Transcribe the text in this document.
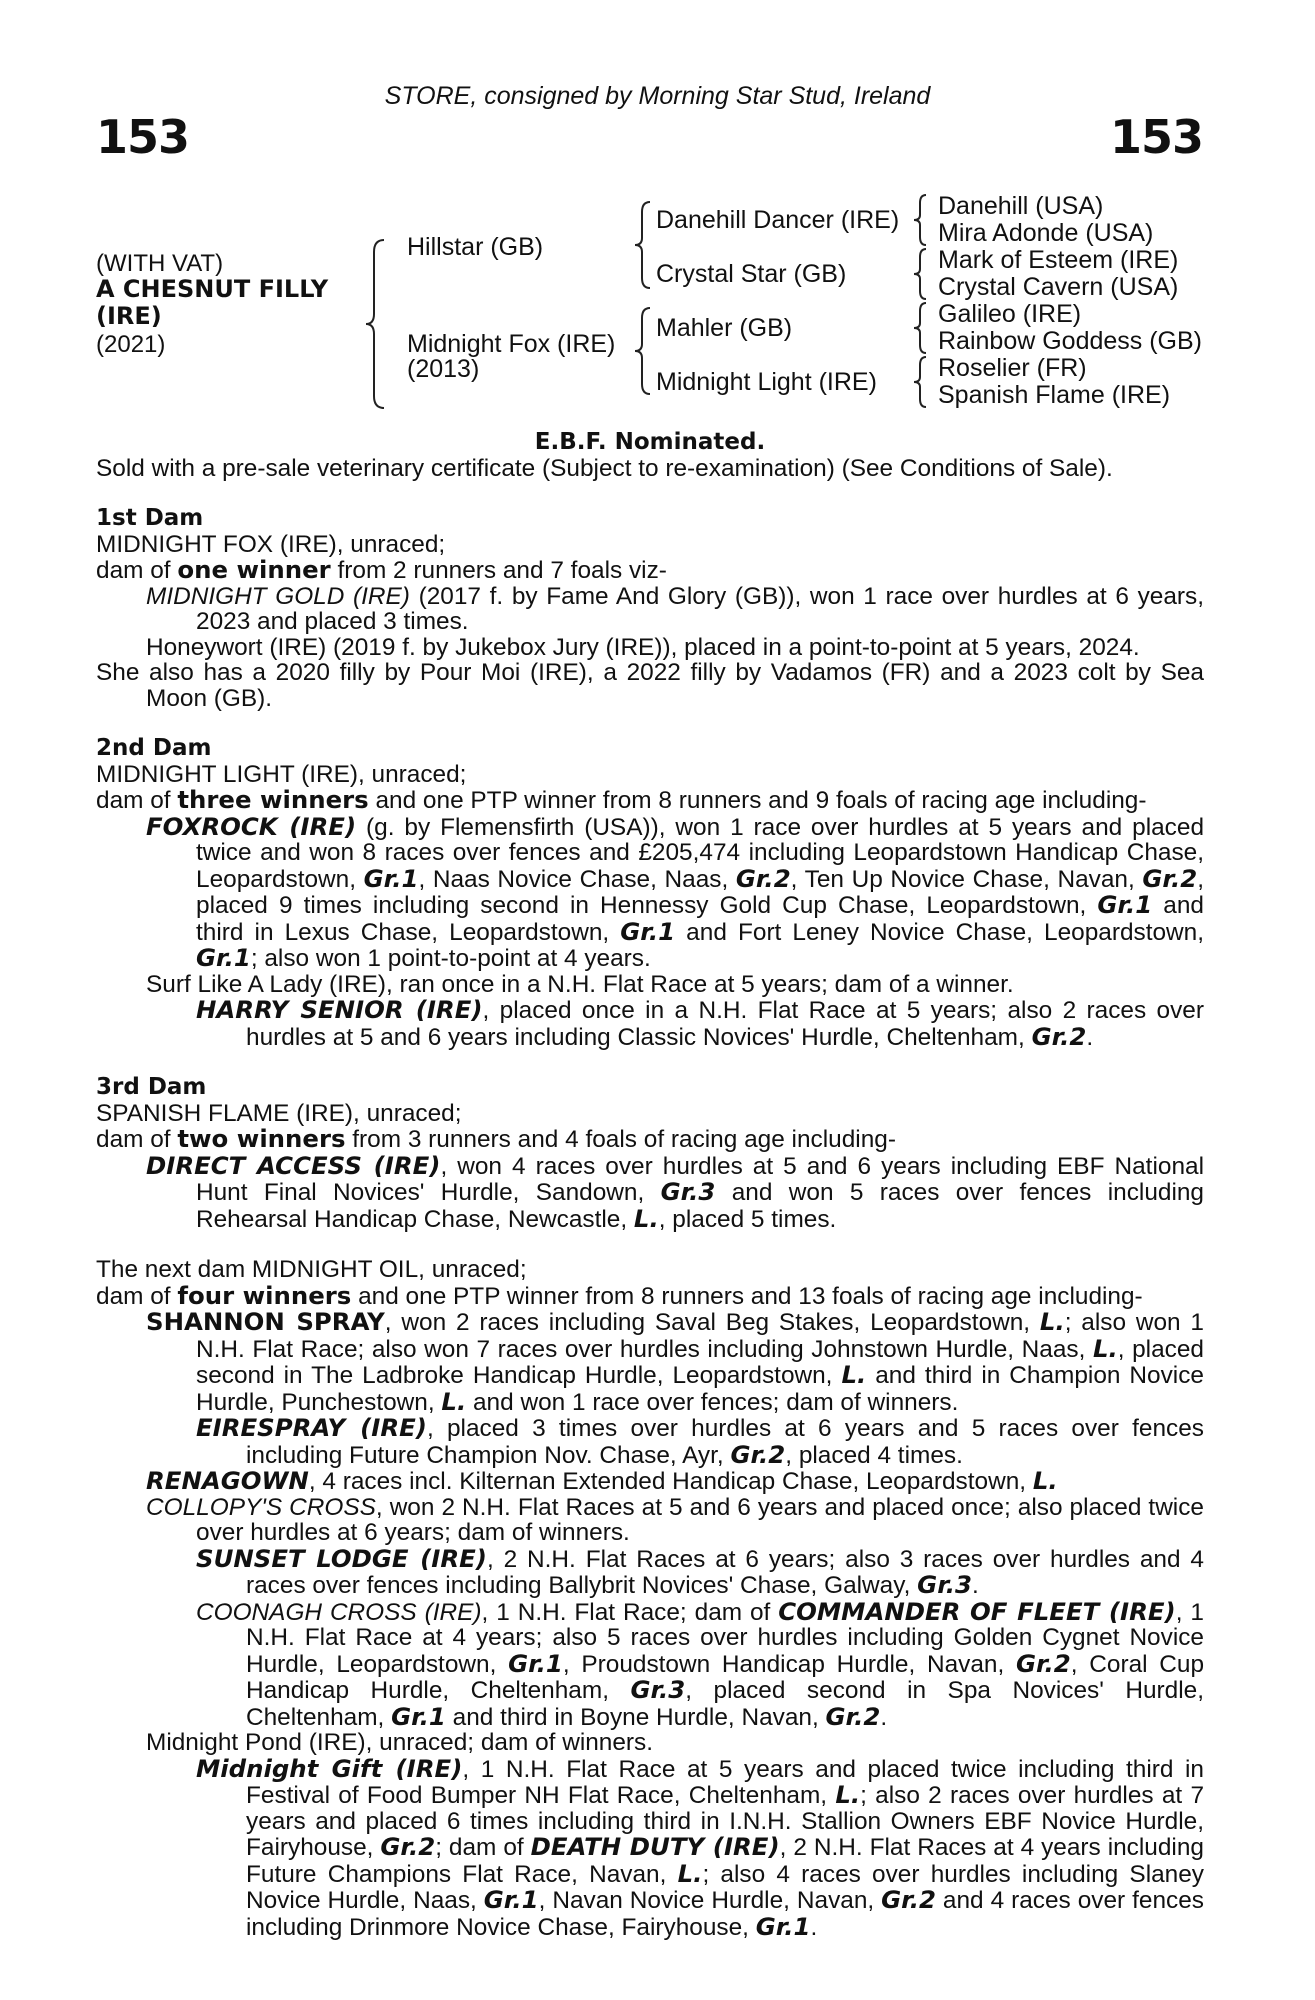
153
STORE, consigned by Morning Star Stud, Ireland
153
(WITH VAT)
A CHESNUT FILLY
(IRE)
(2021)
Hillstar (GB)
Midnight Fox (IRE)
(2013)
Danehill Dancer (IRE)
Crystal Star (GB)
Mahler (GB)
Midnight Light (IRE)
Danehill (USA)
Mira Adonde (USA)
Mark of Esteem (IRE)
Crystal Cavern (USA)
Galileo (IRE)
Rainbow Goddess (GB)
Roselier (FR)
Spanish Flame (IRE)

E.B.F. Nominated.

Sold with a pre-sale veterinary certificate (Subject to re-examination) (See Conditions of Sale).

1st Dam

MIDNIGHT FOX (IRE), unraced;

dam of one winner from 2 runners and 7 foals viz-

MIDNIGHT GOLD (IRE) (2017 f. by Fame And Glory (GB)), won 1 race over hurdles at 6 years, 2023 and placed 3 times.

Honeywort (IRE) (2019 f. by Jukebox Jury (IRE)), placed in a point-to-point at 5 years, 2024.

She also has a 2020 filly by Pour Moi (IRE), a 2022 filly by Vadamos (FR) and a 2023 colt by Sea Moon (GB).

2nd Dam

MIDNIGHT LIGHT (IRE), unraced;

dam of three winners and one PTP winner from 8 runners and 9 foals of racing age including-

FOXROCK (IRE) (g. by Flemensfirth (USA)), won 1 race over hurdles at 5 years and placed twice and won 8 races over fences and £205,474 including Leopardstown Handicap Chase, Leopardstown, Gr.1, Naas Novice Chase, Naas, Gr.2, Ten Up Novice Chase, Navan, Gr.2, placed 9 times including second in Hennessy Gold Cup Chase, Leopardstown, Gr.1 and third in Lexus Chase, Leopardstown, Gr.1 and Fort Leney Novice Chase, Leopardstown, Gr.1; also won 1 point-to-point at 4 years.

Surf Like A Lady (IRE), ran once in a N.H. Flat Race at 5 years; dam of a winner.

HARRY SENIOR (IRE), placed once in a N.H. Flat Race at 5 years; also 2 races over hurdles at 5 and 6 years including Classic Novices' Hurdle, Cheltenham, Gr.2.

3rd Dam

SPANISH FLAME (IRE), unraced;

dam of two winners from 3 runners and 4 foals of racing age including-

DIRECT ACCESS (IRE), won 4 races over hurdles at 5 and 6 years including EBF National Hunt Final Novices' Hurdle, Sandown, Gr.3 and won 5 races over fences including Rehearsal Handicap Chase, Newcastle, L., placed 5 times.

The next dam MIDNIGHT OIL, unraced;

dam of four winners and one PTP winner from 8 runners and 13 foals of racing age including-

SHANNON SPRAY, won 2 races including Saval Beg Stakes, Leopardstown, L.; also won 1 N.H. Flat Race; also won 7 races over hurdles including Johnstown Hurdle, Naas, L., placed second in The Ladbroke Handicap Hurdle, Leopardstown, L. and third in Champion Novice Hurdle, Punchestown, L. and won 1 race over fences; dam of winners.

EIRESPRAY (IRE), placed 3 times over hurdles at 6 years and 5 races over fences including Future Champion Nov. Chase, Ayr, Gr.2, placed 4 times.

RENAGOWN, 4 races incl. Kilternan Extended Handicap Chase, Leopardstown, L.

COLLOPY'S CROSS, won 2 N.H. Flat Races at 5 and 6 years and placed once; also placed twice over hurdles at 6 years; dam of winners.

SUNSET LODGE (IRE), 2 N.H. Flat Races at 6 years; also 3 races over hurdles and 4 races over fences including Ballybrit Novices' Chase, Galway, Gr.3.

COONAGH CROSS (IRE), 1 N.H. Flat Race; dam of COMMANDER OF FLEET (IRE), 1 N.H. Flat Race at 4 years; also 5 races over hurdles including Golden Cygnet Novice Hurdle, Leopardstown, Gr.1, Proudstown Handicap Hurdle, Navan, Gr.2, Coral Cup Handicap Hurdle, Cheltenham, Gr.3, placed second in Spa Novices' Hurdle, Cheltenham, Gr.1 and third in Boyne Hurdle, Navan, Gr.2.

Midnight Pond (IRE), unraced; dam of winners.

Midnight Gift (IRE), 1 N.H. Flat Race at 5 years and placed twice including third in Festival of Food Bumper NH Flat Race, Cheltenham, L.; also 2 races over hurdles at 7 years and placed 6 times including third in I.N.H. Stallion Owners EBF Novice Hurdle, Fairyhouse, Gr.2; dam of DEATH DUTY (IRE), 2 N.H. Flat Races at 4 years including Future Champions Flat Race, Navan, L.; also 4 races over hurdles including Slaney Novice Hurdle, Naas, Gr.1, Navan Novice Hurdle, Navan, Gr.2 and 4 races over fences including Drinmore Novice Chase, Fairyhouse, Gr.1.
